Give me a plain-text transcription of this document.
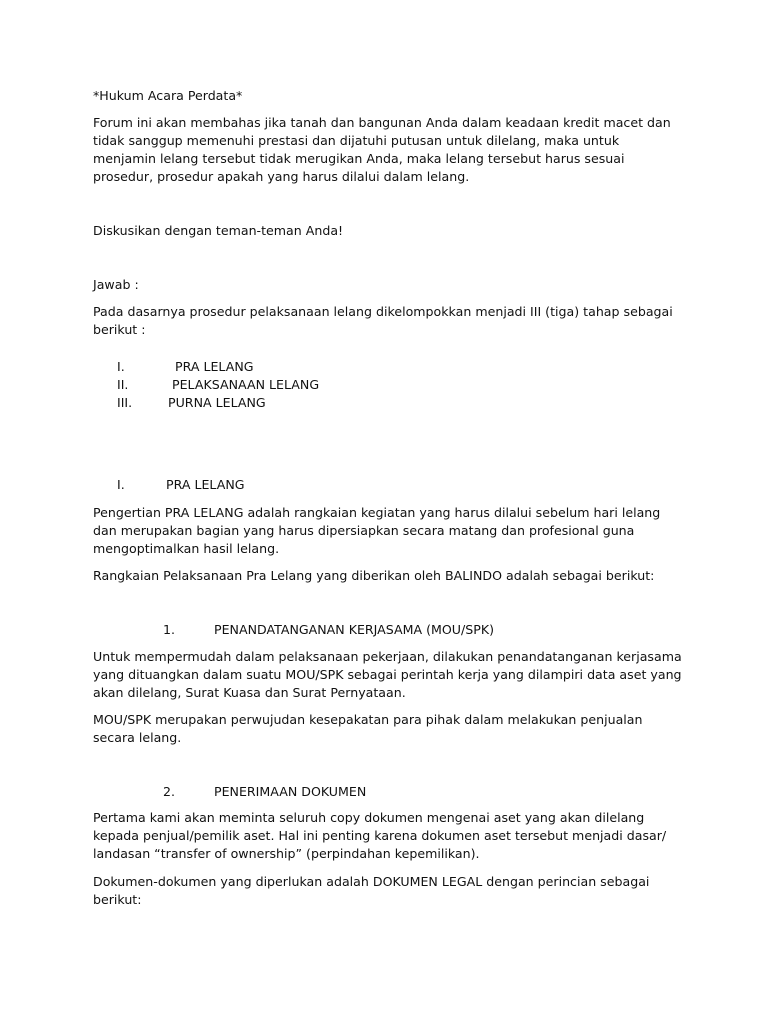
*Hukum Acara Perdata*

Forum ini akan membahas jika tanah dan bangunan Anda dalam keadaan kredit macet dan tidak sanggup memenuhi prestasi dan dijatuhi putusan untuk dilelang, maka untuk menjamin lelang tersebut tidak merugikan Anda, maka lelang tersebut harus sesuai prosedur, prosedur apakah yang harus dilalui dalam lelang.

Diskusikan dengan teman-teman Anda!

Jawab :

Pada dasarnya prosedur pelaksanaan lelang dikelompokkan menjadi III (tiga) tahap sebagai berikut :

I.	PRA LELANG
II.	PELAKSANAAN LELANG
III.	PURNA LELANG
I.	PRA LELANG

Pengertian PRA LELANG adalah rangkaian kegiatan yang harus dilalui sebelum hari lelang dan merupakan bagian yang harus dipersiapkan secara matang dan profesional guna mengoptimalkan hasil lelang.

Rangkaian Pelaksanaan Pra Lelang yang diberikan oleh BALINDO adalah sebagai berikut:

1.	PENANDATANGANAN KERJASAMA (MOU/SPK)

Untuk mempermudah dalam pelaksanaan pekerjaan, dilakukan penandatanganan kerjasama yang dituangkan dalam suatu MOU/SPK sebagai perintah kerja yang dilampiri data aset yang akan dilelang, Surat Kuasa dan Surat Pernyataan.

MOU/SPK merupakan perwujudan kesepakatan para pihak dalam melakukan penjualan secara lelang.

2.	PENERIMAAN DOKUMEN

Pertama kami akan meminta seluruh copy dokumen mengenai aset yang akan dilelang kepada penjual/pemilik aset. Hal ini penting karena dokumen aset tersebut menjadi dasar/ landasan “transfer of ownership” (perpindahan kepemilikan).

Dokumen-dokumen yang diperlukan adalah DOKUMEN LEGAL dengan perincian sebagai berikut:
